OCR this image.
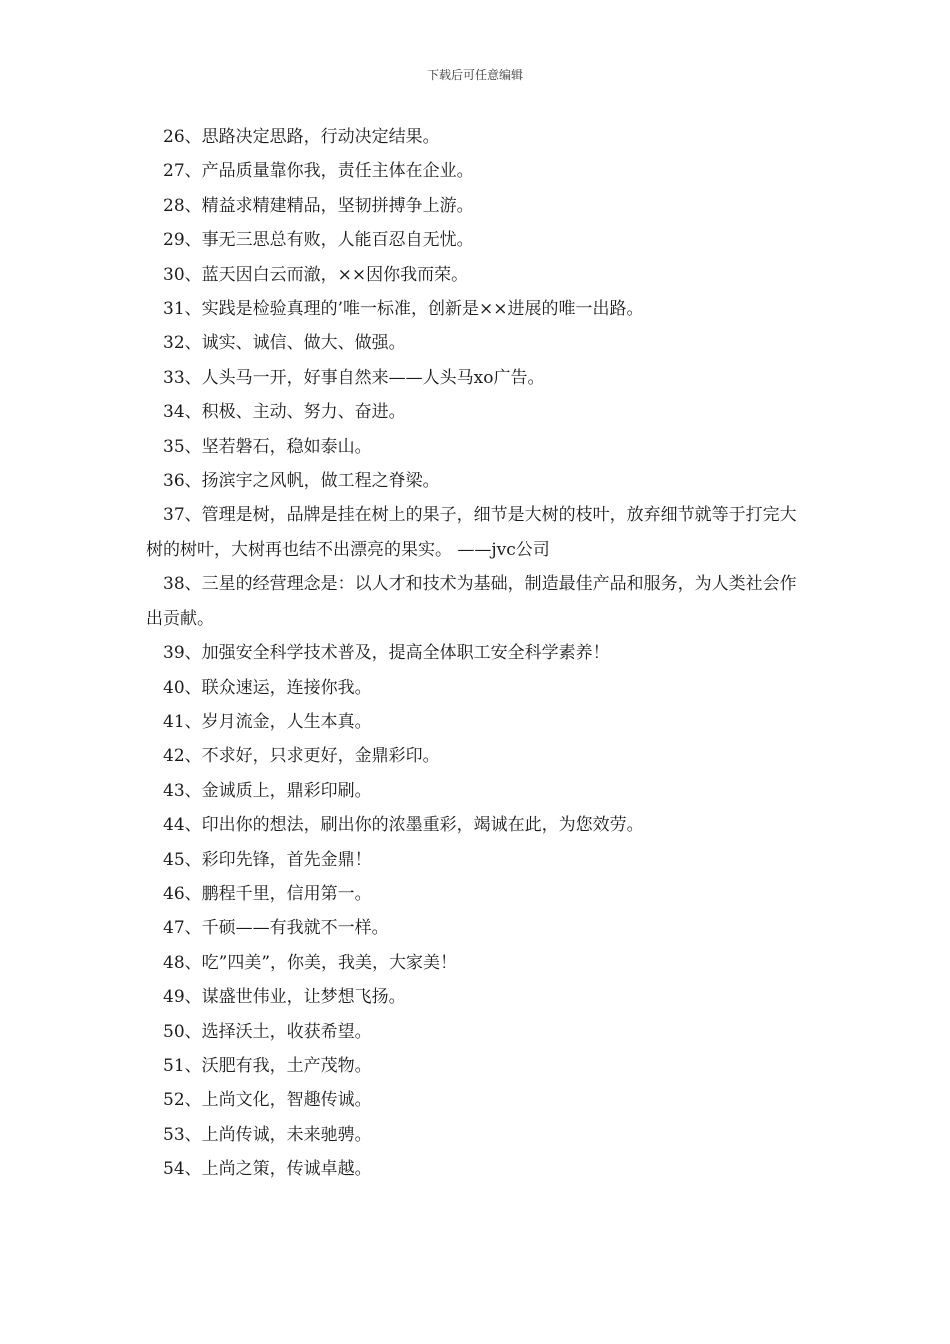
下载后可任意编辑

26、思路决定思路，行动决定结果。

27、产品质量靠你我，责任主体在企业。

28、精益求精建精品，坚韧拼搏争上游。

29、事无三思总有败，人能百忍自无忧。

30、蓝天因白云而澈，××因你我而荣。

31、实践是检验真理的’唯一标准，创新是××进展的唯一出路。

32、诚实、诚信、做大、做强。

33、人头马一开，好事自然来——人头马xo广告。

34、积极、主动、努力、奋进。

35、坚若磐石，稳如泰山。

36、扬滨宇之风帆，做工程之脊梁。

37、管理是树，品牌是挂在树上的果子，细节是大树的枝叶，放弃细节就等于打完大树的树叶，大树再也结不出漂亮的果实。 ——jvc公司

38、三星的经营理念是：以人才和技术为基础，制造最佳产品和服务，为人类社会作出贡献。

39、加强安全科学技术普及，提高全体职工安全科学素养！

40、联众速运，连接你我。

41、岁月流金，人生本真。

42、不求好，只求更好，金鼎彩印。

43、金诚质上，鼎彩印刷。

44、印出你的想法，刷出你的浓墨重彩，竭诚在此，为您效劳。

45、彩印先锋，首先金鼎！

46、鹏程千里，信用第一。

47、千硕——有我就不一样。

48、吃”四美”，你美，我美，大家美！

49、谋盛世伟业，让梦想飞扬。

50、选择沃土，收获希望。

51、沃肥有我，土产茂物。

52、上尚文化，智趣传诚。

53、上尚传诚，未来驰骋。

54、上尚之策，传诚卓越。
